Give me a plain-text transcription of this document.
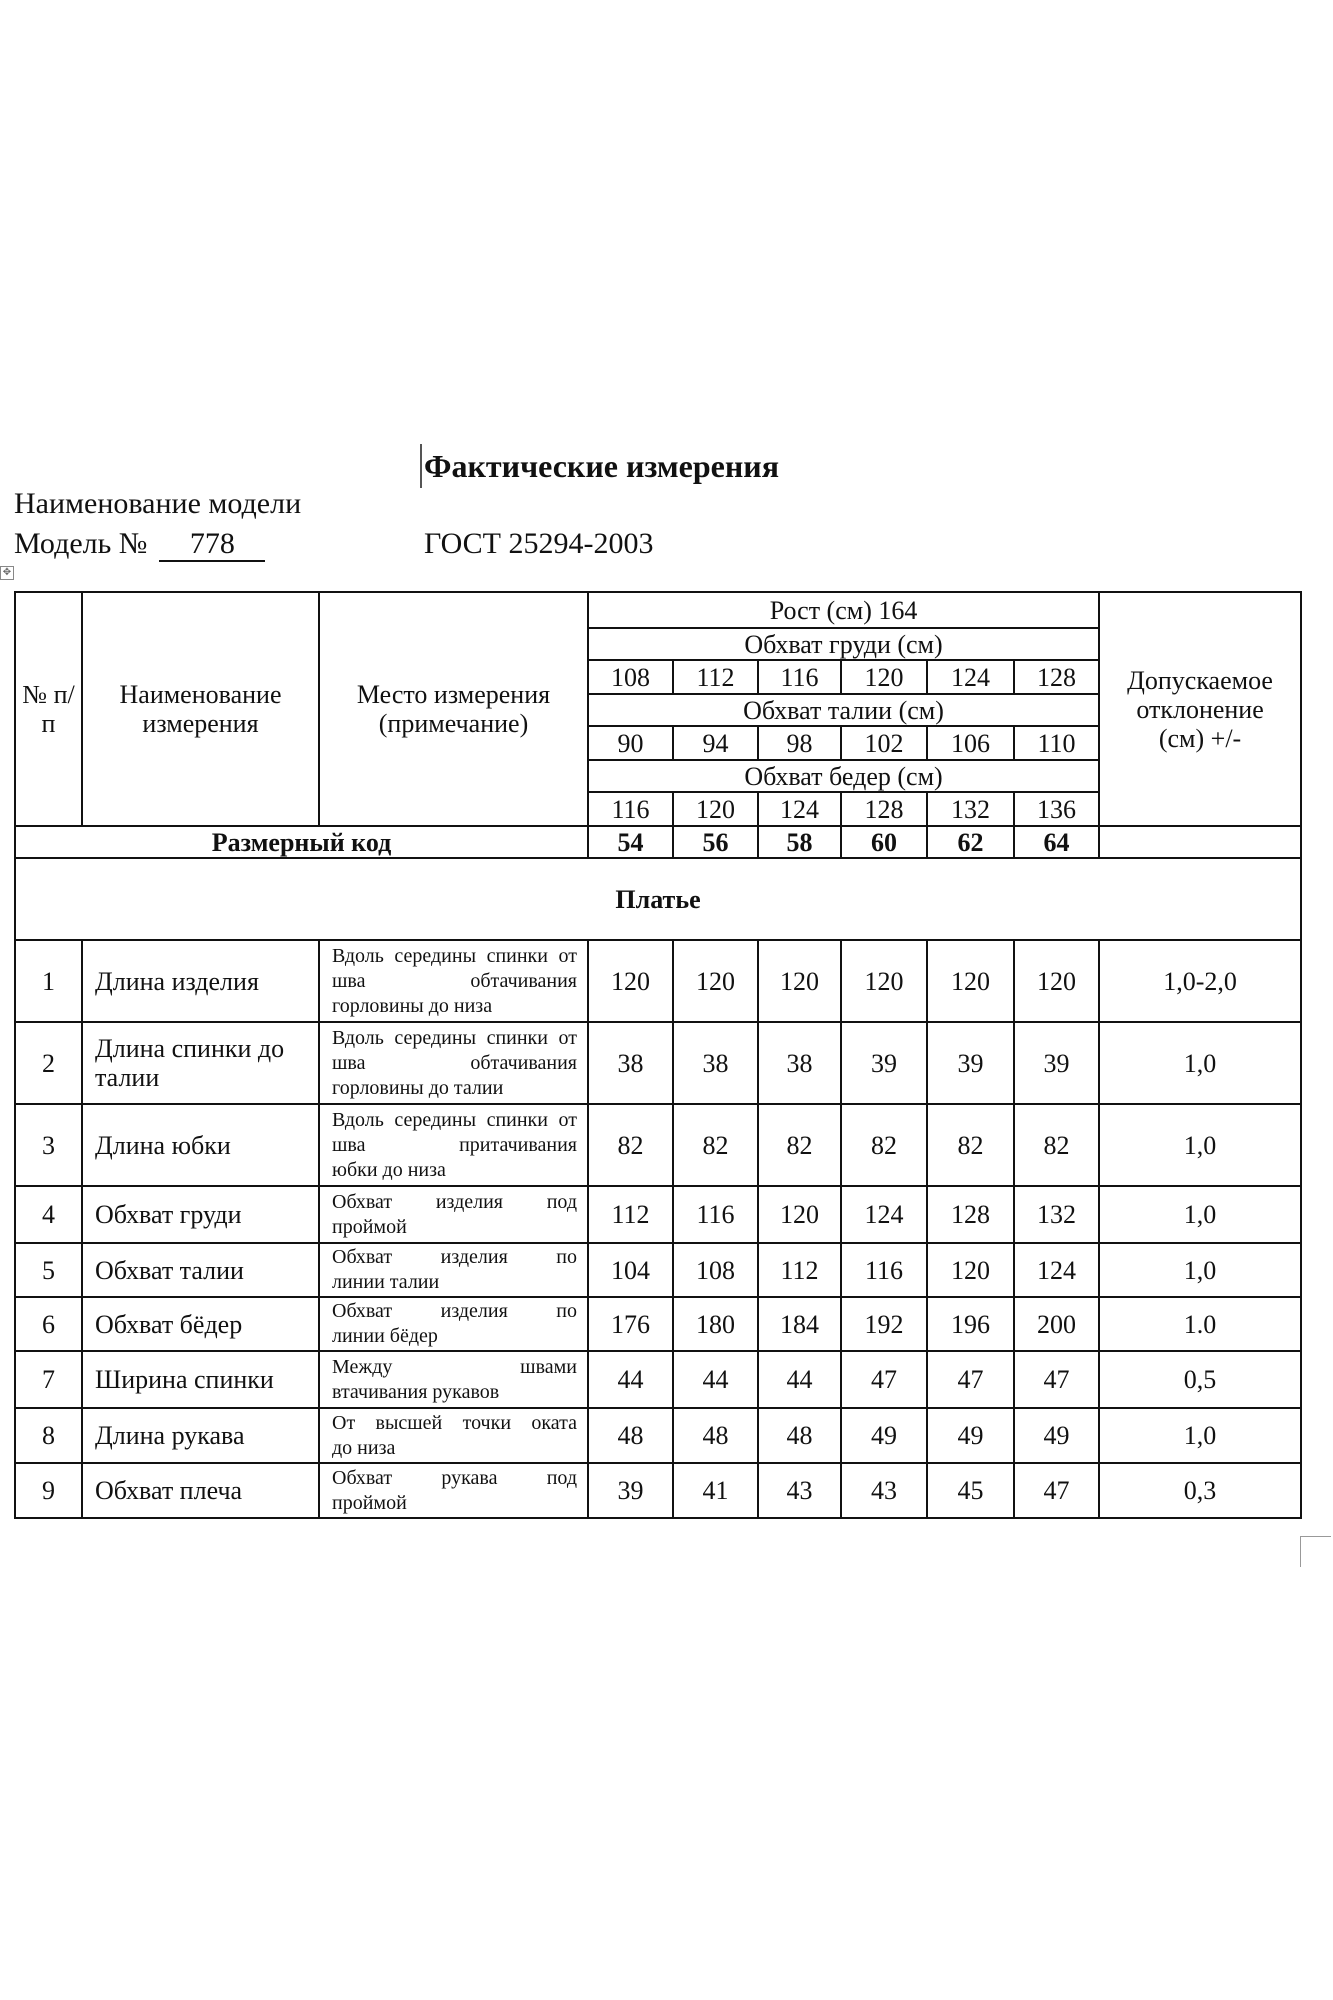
Фактические измерения
Наименование модели
Модель № 778	ГОСТ 25294-2003
✥
№ п/п	Наименование измерения	Место измерения (примечание)	Рост (см) 164						Допускаемое отклонение (см) +/-
			Обхват груди (см)						
			108	112	116	120	124	128	
			Обхват талии (см)						
			90	94	98	102	106	110	
			Обхват бедер (см)						
			116	120	124	128	132	136	

Размерный код			54	56	58	60	62	64	
Платье									
1	Длина изделия	Вдоль середины спинки от шва обтачивания
горловины до низа	120	120	120	120	120	120	1,0-2,0
2	Длина спинки до талии	Вдоль середины спинки от шва обтачивания
горловины до талии	38	38	38	39	39	39	1,0
3	Длина юбки	Вдоль середины спинки от шва притачивания
юбки до низа	82	82	82	82	82	82	1,0
4	Обхват груди	Обхват изделия под
проймой	112	116	120	124	128	132	1,0
5	Обхват талии	Обхват изделия по
линии талии	104	108	112	116	120	124	1,0
6	Обхват бёдер	Обхват изделия по
линии бёдер	176	180	184	192	196	200	1.0
7	Ширина спинки	Между швами
втачивания рукавов	44	44	44	47	47	47	0,5
8	Длина рукава	От высшей точки оката
до низа	48	48	48	49	49	49	1,0
9	Обхват плеча	Обхват рукава под
проймой	39	41	43	43	45	47	0,3
